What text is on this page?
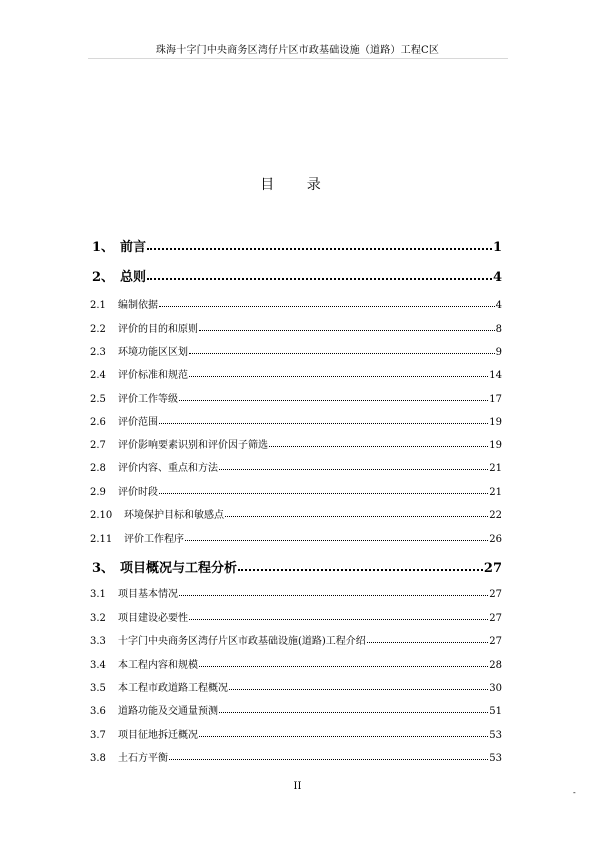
珠海十字门中央商务区湾仔片区市政基础设施（道路）工程C区
目 录
1、 前言	1
2、 总则	4
2.1	编制依据	4
2.2	评价的目的和原则	8
2.3	环境功能区区划	9
2.4	评价标准和规范	14
2.5	评价工作等级	17
2.6	评价范围	19
2.7	评价影响要素识别和评价因子筛选	19
2.8	评价内容、重点和方法	21
2.9	评价时段	21
2.10	环境保护目标和敏感点	22
2.11	评价工作程序	26
3、 项目概况与工程分析	27
3.1	项目基本情况	27
3.2	项目建设必要性	27
3.3	十字门中央商务区湾仔片区市政基础设施(道路)工程介绍	27
3.4	本工程内容和规模	28
3.5	本工程市政道路工程概况	30
3.6	道路功能及交通量预测	51
3.7	项目征地拆迁概况	53
3.8	土石方平衡	53
II
-
